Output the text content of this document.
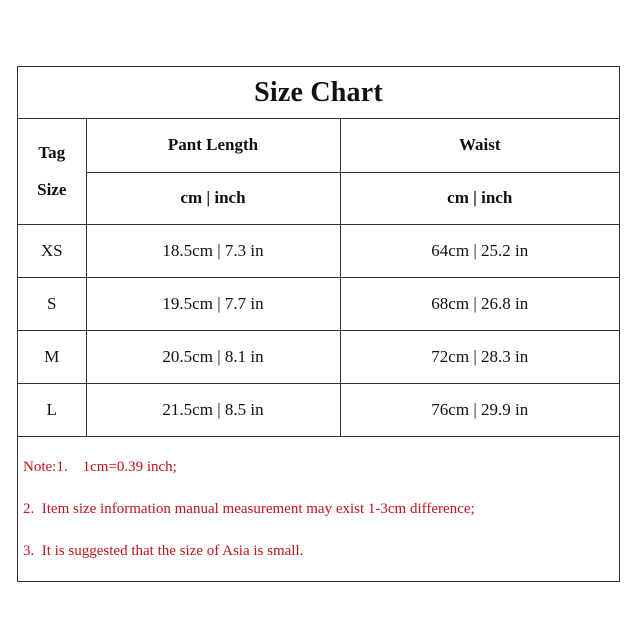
Size Chart
Tag
Size	Pant Length	Waist
	cm | inch	cm | inch
XS	18.5cm | 7.3 in	64cm | 25.2 in
S	19.5cm | 7.7 in	68cm | 26.8 in
M	20.5cm | 8.1 in	72cm | 28.3 in
L	21.5cm | 8.5 in	76cm | 29.9 in
Note:1.    1cm=0.39 inch;
2.  Item size information manual measurement may exist 1-3cm difference;
3.  It is suggested that the size of Asia is small.
